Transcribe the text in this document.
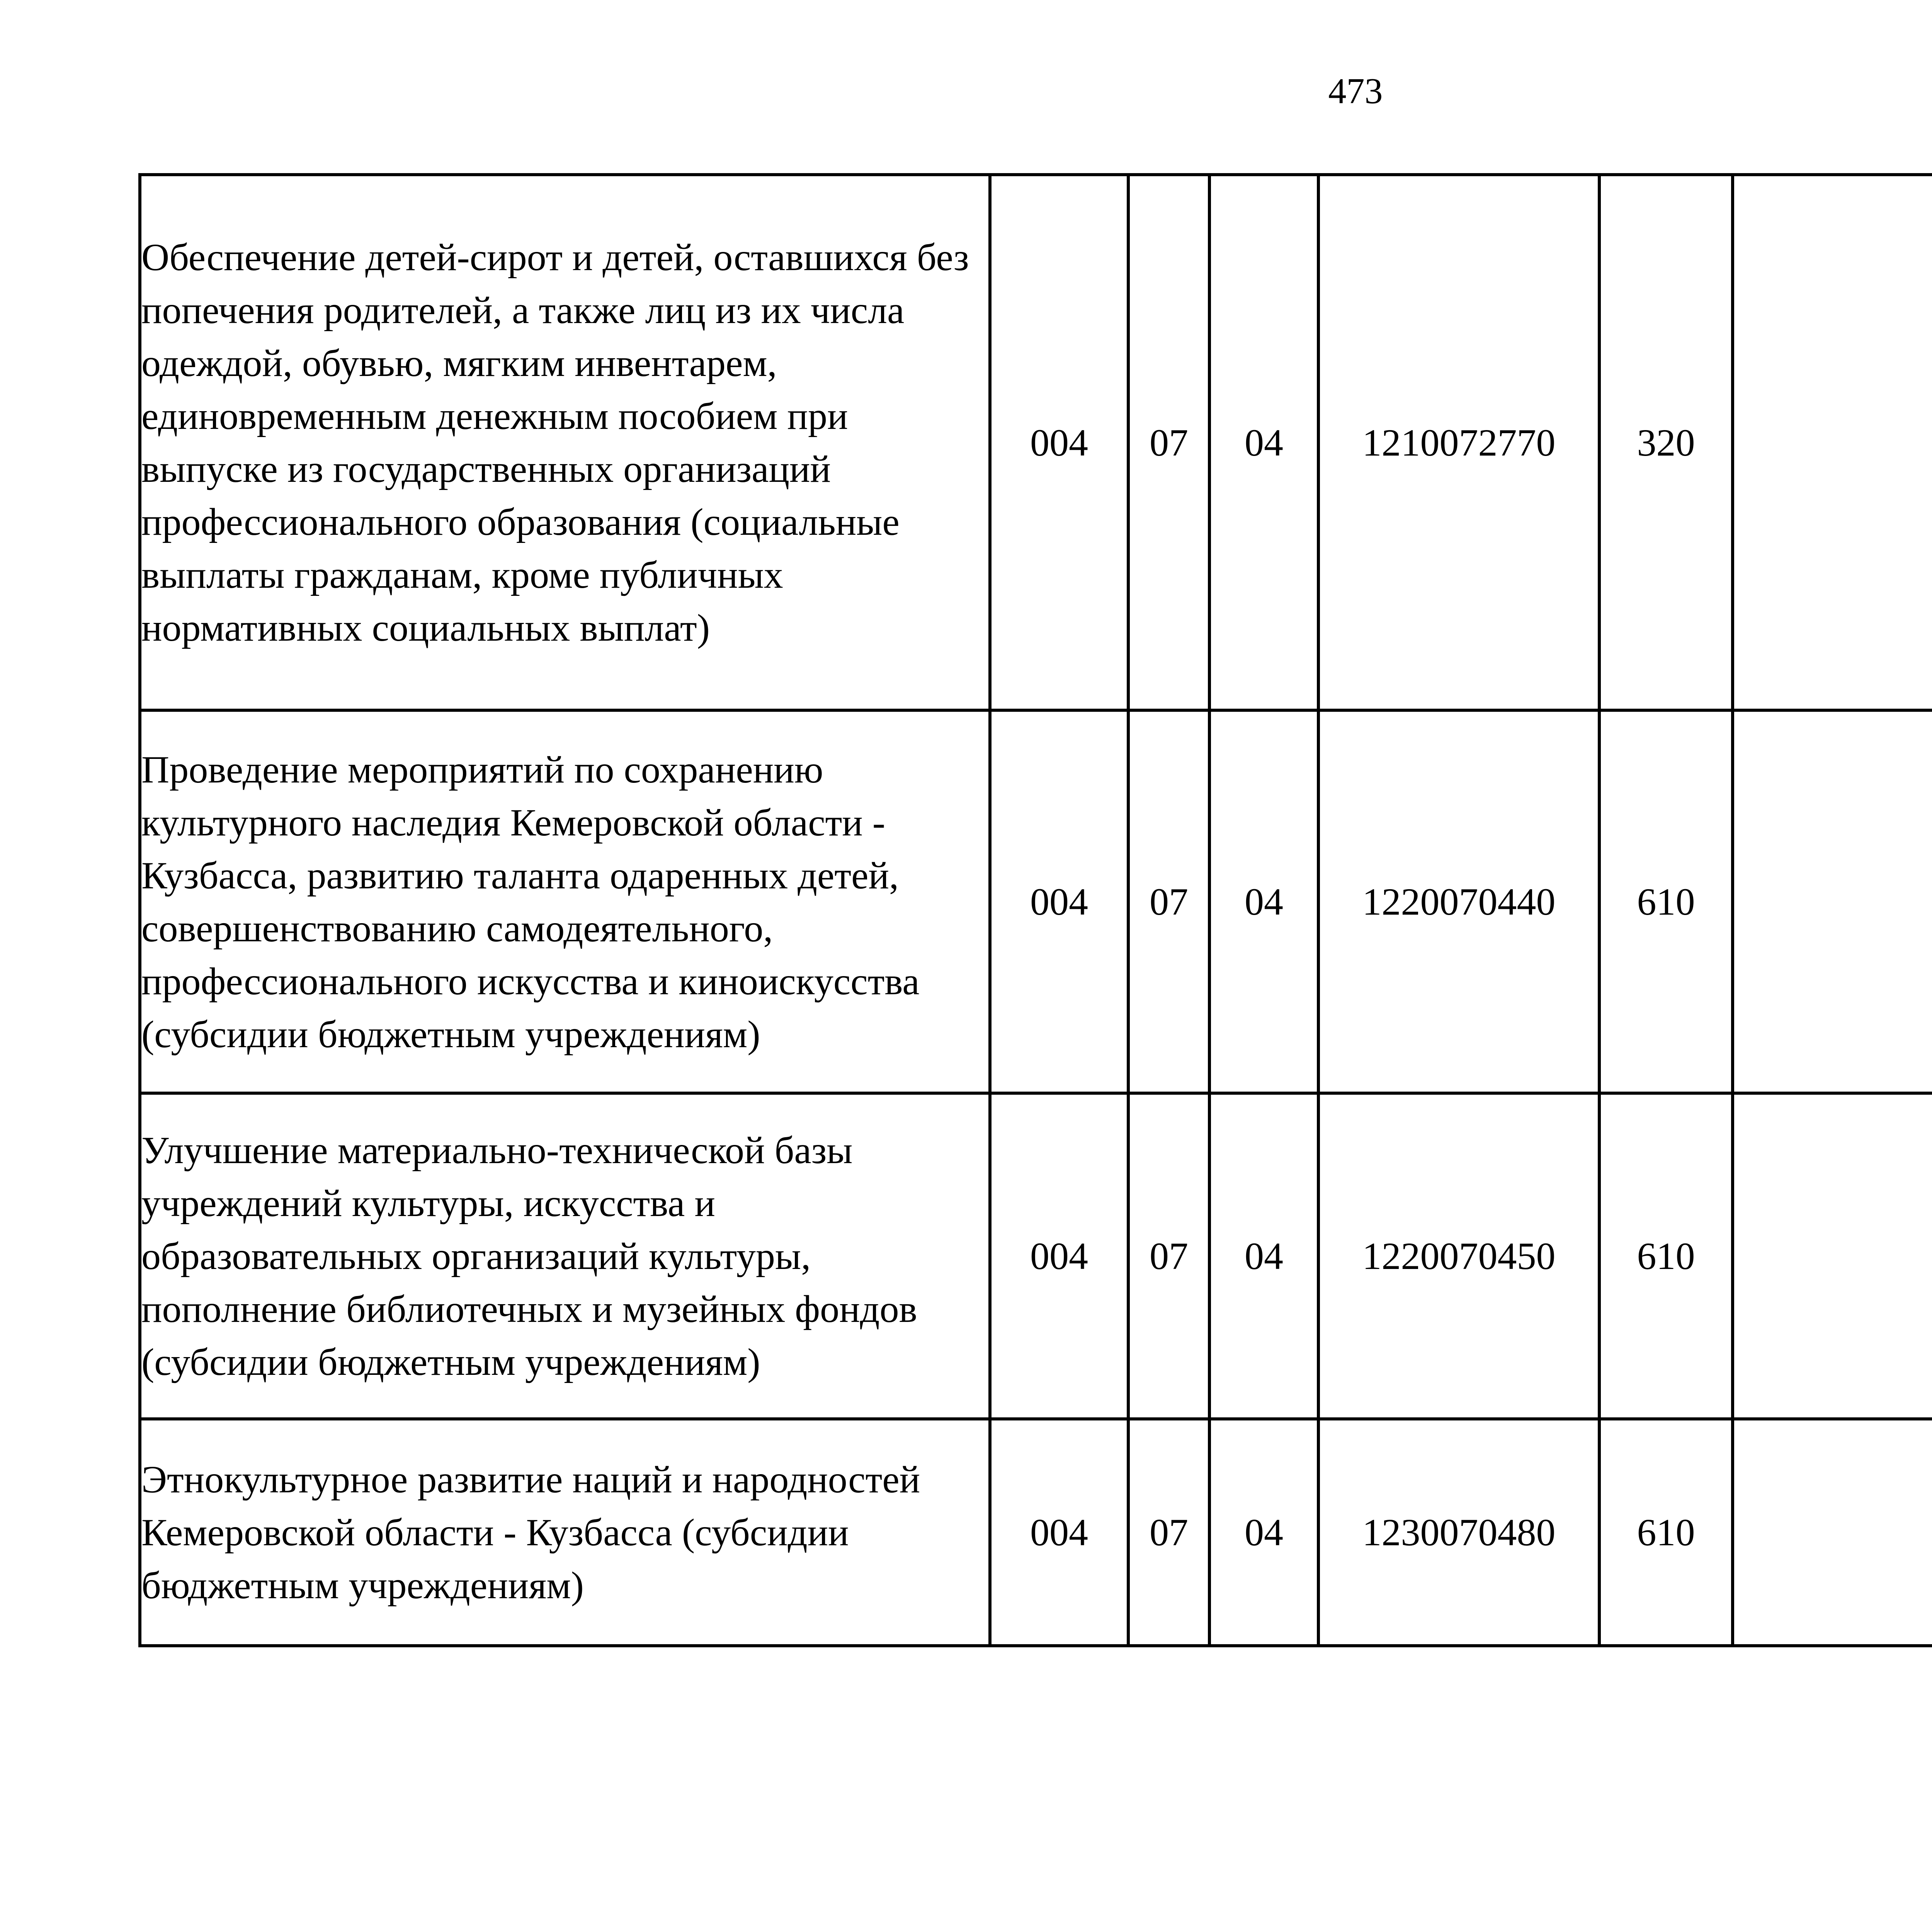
473
Обеспечение детей-сирот и детей, оставшихся без попечения родителей, а также лиц из их числа одеждой, обувью, мягким инвентарем, единовременным денежным пособием при выпуске из государственных организаций профессионального образования (социальные выплаты гражданам, кроме публичных нормативных социальных выплат)	004	07	04	1210072770	320			
Проведение мероприятий по сохранению культурного наследия Кемеровской области - Кузбасса, развитию таланта одаренных детей, совершенствованию самодеятельного, профессионального искусства и киноискусства (субсидии бюджетным учреждениям)	004	07	04	1220070440	610			
Улучшение материально-технической базы учреждений культуры, искусства и образовательных организаций культуры, пополнение библиотечных и музейных фондов (субсидии бюджетным учреждениям)	004	07	04	1220070450	610			
Этнокультурное развитие наций и народностей Кемеровской области - Кузбасса (субсидии бюджетным учреждениям)	004	07	04	1230070480	610			
